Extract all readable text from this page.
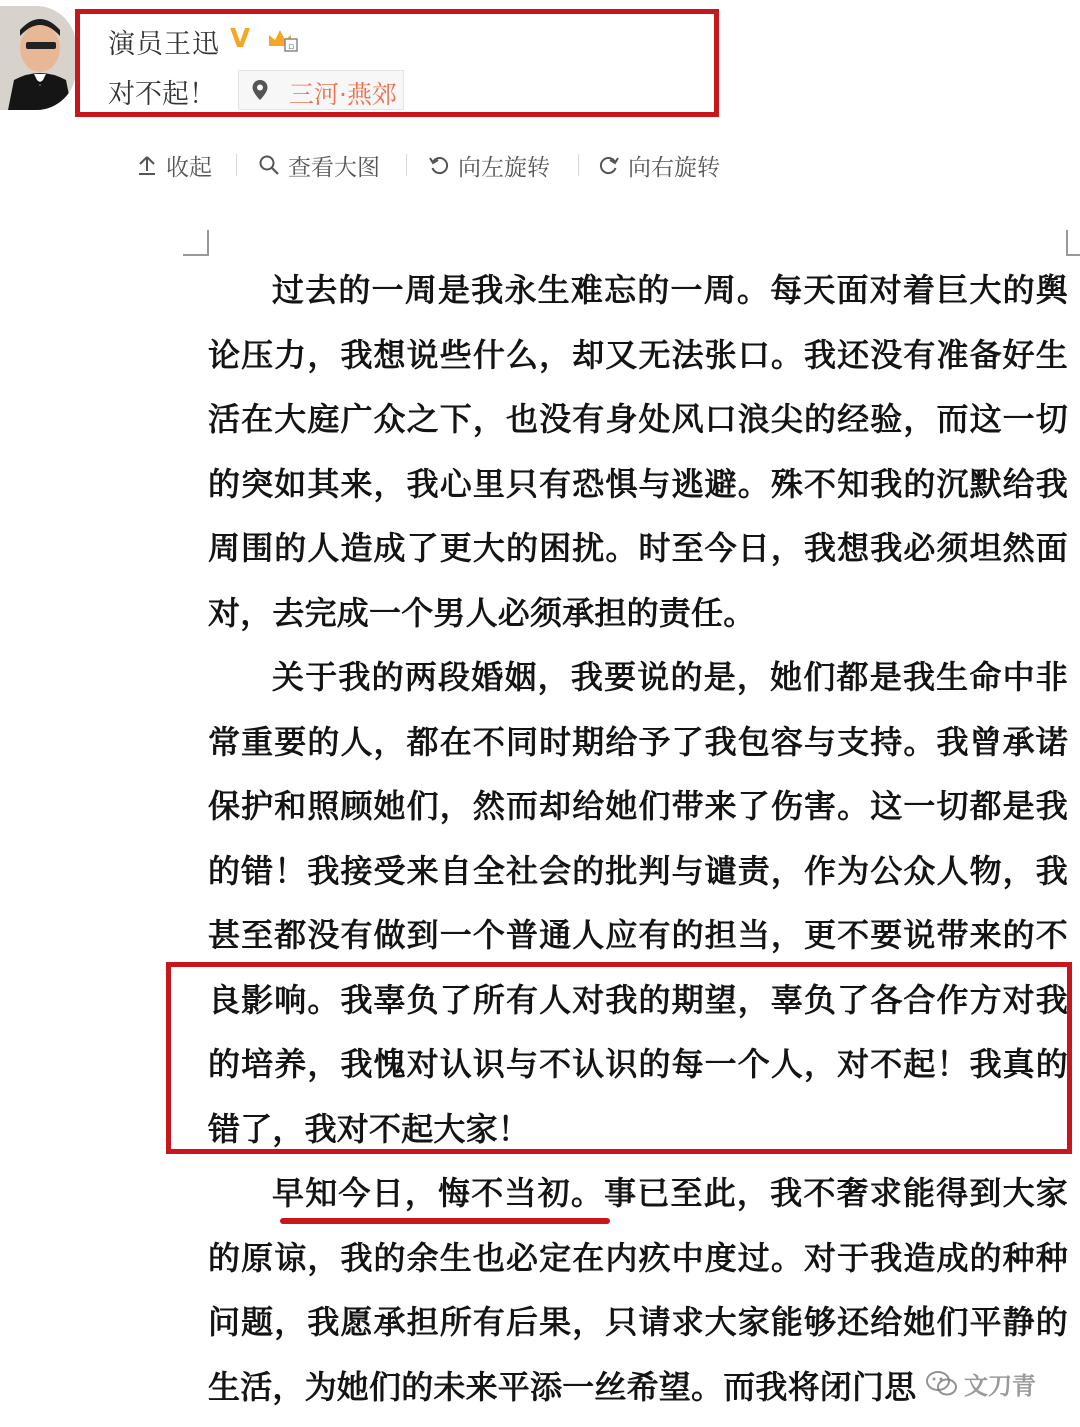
演员王迅 V	▫
对不起！	三河·燕郊
收起	查看大图	向左旋转	向右旋转

过去的一周是我永生难忘的一周。每天面对着巨大的舆论压力，我想说些什么，却又无法张口。我还没有准备好生活在大庭广众之下，也没有身处风口浪尖的经验，而这一切的突如其来，我心里只有恐惧与逃避。殊不知我的沉默给我周围的人造成了更大的困扰。时至今日，我想我必须坦然面对，去完成一个男人必须承担的责任。

关于我的两段婚姻，我要说的是，她们都是我生命中非常重要的人，都在不同时期给予了我包容与支持。我曾承诺保护和照顾她们，然而却给她们带来了伤害。这一切都是我的错！我接受来自全社会的批判与谴责，作为公众人物，我甚至都没有做到一个普通人应有的担当，更不要说带来的不良影响。我辜负了所有人对我的期望，辜负了各合作方对我的培养，我愧对认识与不认识的每一个人，对不起！我真的错了，我对不起大家！

早知今日，悔不当初。事已至此，我不奢求能得到大家的原谅，我的余生也必定在内疚中度过。对于我造成的种种问题，我愿承担所有后果，只请求大家能够还给她们平静的生活，为她们的未来平添一丝希望。而我将闭门思	文刀青
